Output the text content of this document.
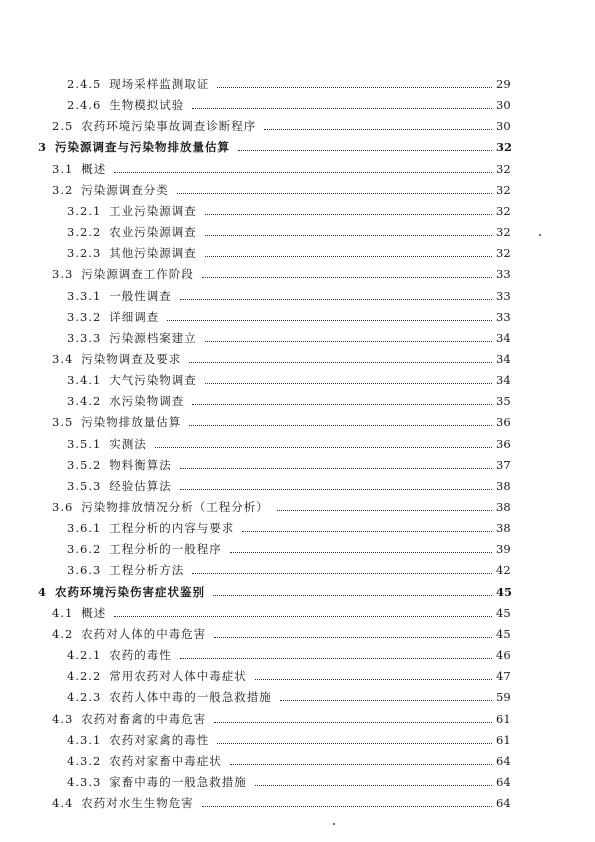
2.4.5 现场采样监测取证	29
2.4.6 生物模拟试验	30
2.5 农药环境污染事故调查诊断程序	30
3 污染源调查与污染物排放量估算	32
3.1 概述	32
3.2 污染源调查分类	32
3.2.1 工业污染源调查	32
3.2.2 农业污染源调查	32
3.2.3 其他污染源调查	32
3.3 污染源调查工作阶段	33
3.3.1 一般性调查	33
3.3.2 详细调查	33
3.3.3 污染源档案建立	34
3.4 污染物调查及要求	34
3.4.1 大气污染物调查	34
3.4.2 水污染物调查	35
3.5 污染物排放量估算	36
3.5.1 实测法	36
3.5.2 物料衡算法	37
3.5.3 经验估算法	38
3.6 污染物排放情况分析（工程分析）	38
3.6.1 工程分析的内容与要求	38
3.6.2 工程分析的一般程序	39
3.6.3 工程分析方法	42
4 农药环境污染伤害症状鉴别	45
4.1 概述	45
4.2 农药对人体的中毒危害	45
4.2.1 农药的毒性	46
4.2.2 常用农药对人体中毒症状	47
4.2.3 农药人体中毒的一般急救措施	59
4.3 农药对畜禽的中毒危害	61
4.3.1 农药对家禽的毒性	61
4.3.2 农药对家畜中毒症状	64
4.3.3 家畜中毒的一般急救措施	64
4.4 农药对水生生物危害	64
